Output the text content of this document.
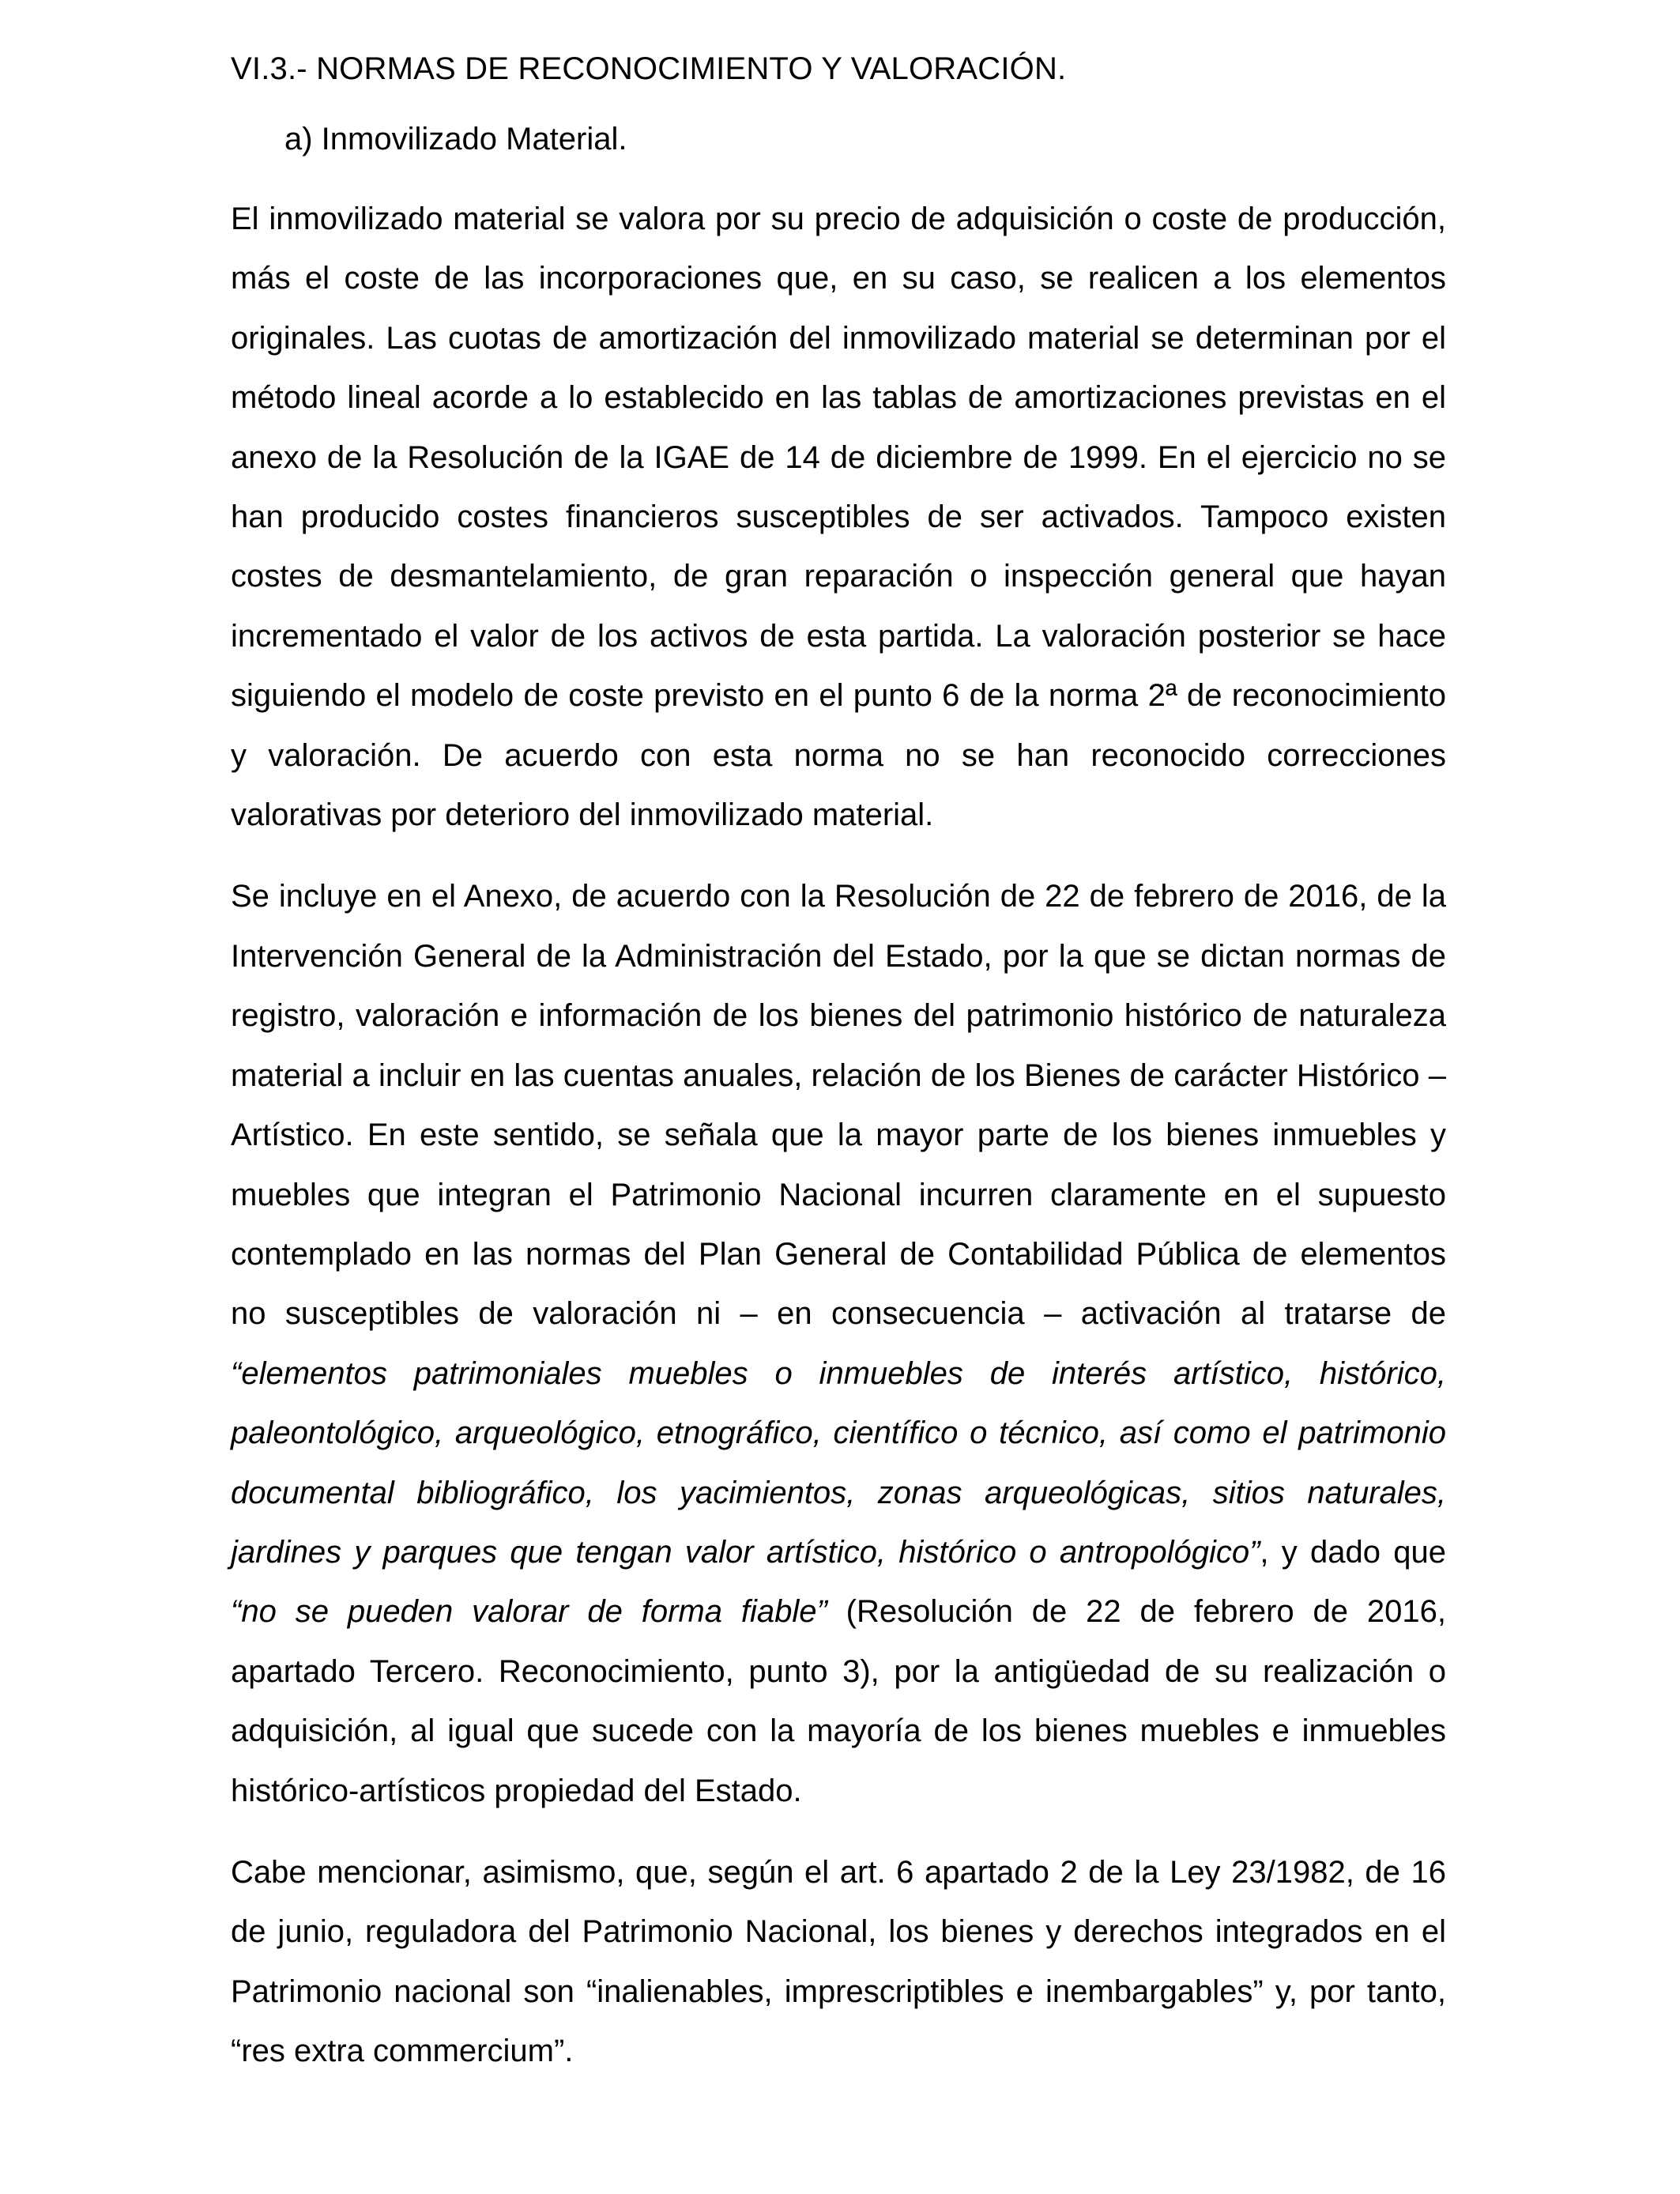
VI.3.- NORMAS DE RECONOCIMIENTO Y VALORACIÓN.
a) Inmovilizado Material.

El inmovilizado material se valora por su precio de adquisición o coste de producción, más el coste de las incorporaciones que, en su caso, se realicen a los elementos originales. Las cuotas de amortización del inmovilizado material se determinan por el método lineal acorde a lo establecido en las tablas de amortizaciones previstas en el anexo de la Resolución de la IGAE de 14 de diciembre de 1999. En el ejercicio no se han producido costes financieros susceptibles de ser activados. Tampoco existen costes de desmantelamiento, de gran reparación o inspección general que hayan incrementado el valor de los activos de esta partida. La valoración posterior se hace siguiendo el modelo de coste previsto en el punto 6 de la norma 2ª de reconocimiento y valoración. De acuerdo con esta norma no se han reconocido correcciones valorativas por deterioro del inmovilizado material.

Se incluye en el Anexo, de acuerdo con la Resolución de 22 de febrero de 2016, de la Intervención General de la Administración del Estado, por la que se dictan normas de registro, valoración e información de los bienes del patrimonio histórico de naturaleza material a incluir en las cuentas anuales, relación de los Bienes de carácter Histórico – Artístico. En este sentido, se señala que la mayor parte de los bienes inmuebles y muebles que integran el Patrimonio Nacional incurren claramente en el supuesto contemplado en las normas del Plan General de Contabilidad Pública de elementos no susceptibles de valoración ni – en consecuencia – activación al tratarse de “elementos patrimoniales muebles o inmuebles de interés artístico, histórico, paleontológico, arqueológico, etnográfico, científico o técnico, así como el patrimonio documental bibliográfico, los yacimientos, zonas arqueológicas, sitios naturales, jardines y parques que tengan valor artístico, histórico o antropológico”, y dado que “no se pueden valorar de forma fiable” (Resolución de 22 de febrero de 2016, apartado Tercero. Reconocimiento, punto 3), por la antigüedad de su realización o adquisición, al igual que sucede con la mayoría de los bienes muebles e inmuebles histórico-artísticos propiedad del Estado.

Cabe mencionar, asimismo, que, según el art. 6 apartado 2 de la Ley 23/1982, de 16 de junio, reguladora del Patrimonio Nacional, los bienes y derechos integrados en el Patrimonio nacional son “inalienables, imprescriptibles e inembargables” y, por tanto, “res extra commercium”.
